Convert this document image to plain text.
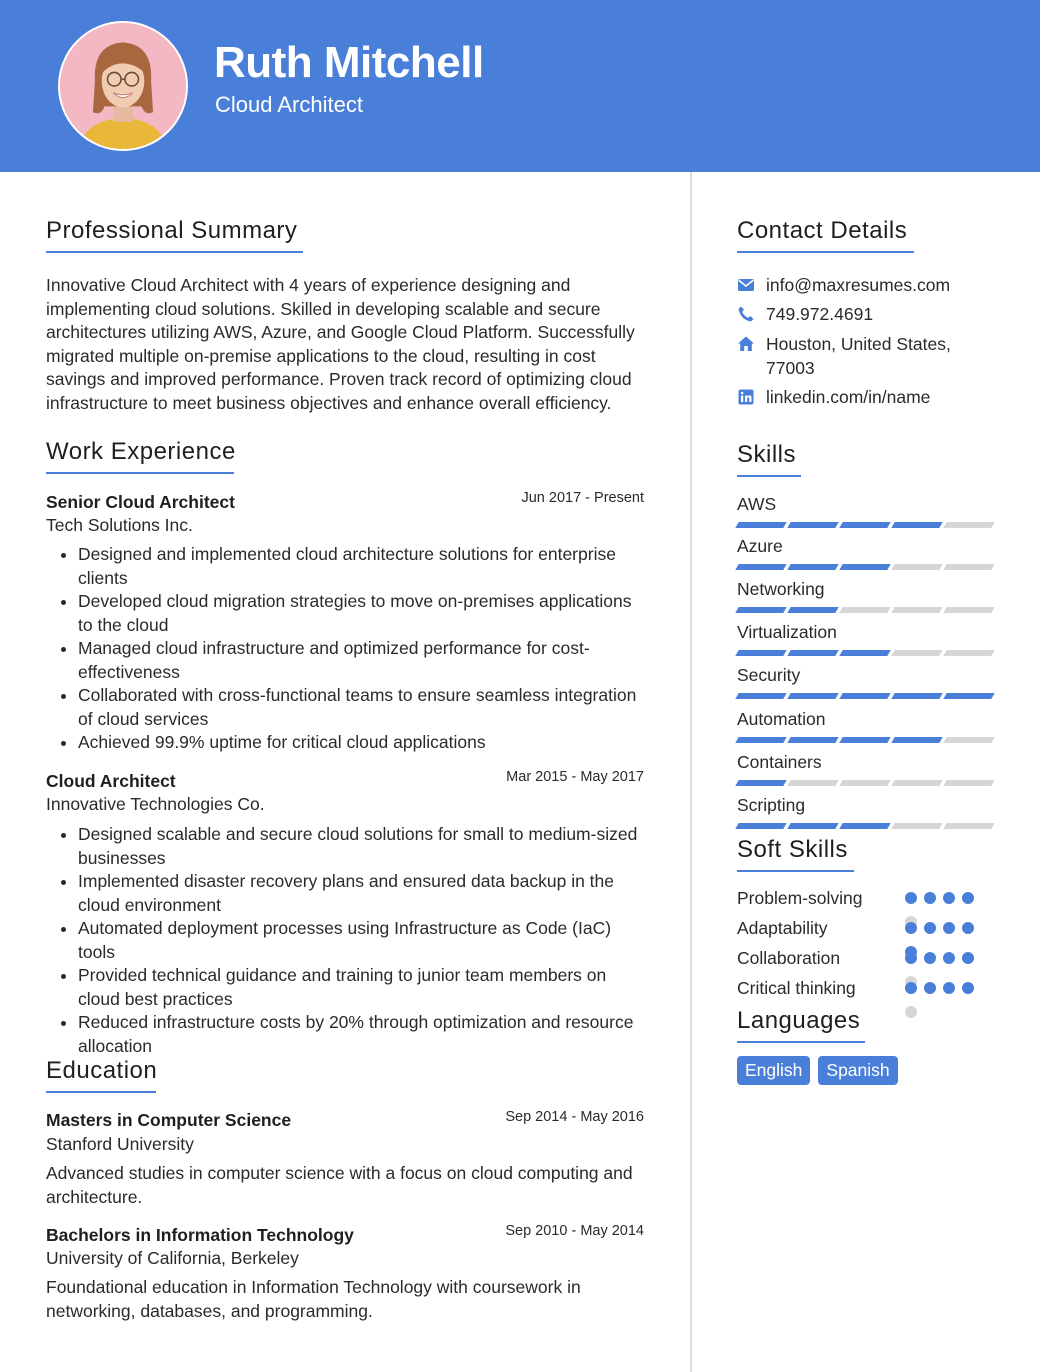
Ruth Mitchell

Cloud Architect

Professional Summary

Innovative Cloud Architect with 4 years of experience designing and implementing cloud solutions. Skilled in developing scalable and secure architectures utilizing AWS, Azure, and Google Cloud Platform. Successfully migrated multiple on-premise applications to the cloud, resulting in cost savings and improved performance. Proven track record of optimizing cloud infrastructure to meet business objectives and enhance overall efficiency.

Work Experience

Senior Cloud Architect	Jun 2017 - Present

Tech Solutions Inc.

• Designed and implemented cloud architecture solutions for enterprise clients
• Developed cloud migration strategies to move on-premises applications to the cloud
• Managed cloud infrastructure and optimized performance for cost-effectiveness
• Collaborated with cross-functional teams to ensure seamless integration of cloud services
• Achieved 99.9% uptime for critical cloud applications

Cloud Architect	Mar 2015 - May 2017

Innovative Technologies Co.

• Designed scalable and secure cloud solutions for small to medium-sized businesses
• Implemented disaster recovery plans and ensured data backup in the cloud environment
• Automated deployment processes using Infrastructure as Code (IaC) tools
• Provided technical guidance and training to junior team members on cloud best practices
• Reduced infrastructure costs by 20% through optimization and resource allocation
Education

Masters in Computer Science	Sep 2014 - May 2016

Stanford University

Advanced studies in computer science with a focus on cloud computing and architecture.

Bachelors in Information Technology	Sep 2010 - May 2014

University of California, Berkeley

Foundational education in Information Technology with coursework in networking, databases, and programming.

Contact Details
info@maxresumes.com
749.972.4691
Houston, United States, 77003
linkedin.com/in/name
Skills

AWS

Azure

Networking

Virtualization

Security

Automation

Containers

Scripting

Soft Skills

Problem-solving

Adaptability

Collaboration

Critical thinking

Languages
English	Spanish
